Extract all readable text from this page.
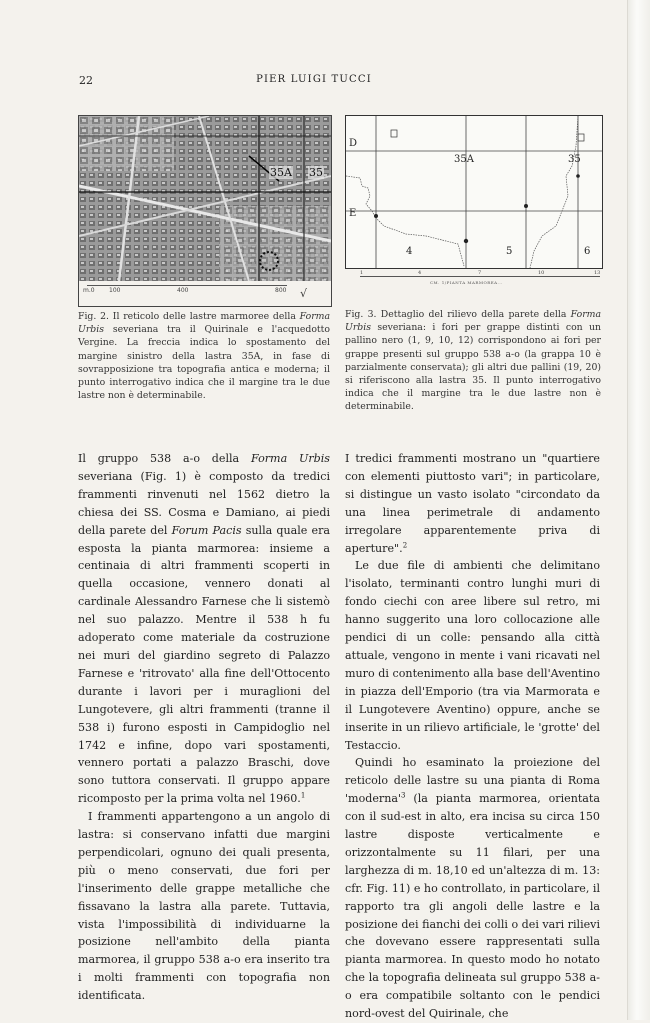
22	PIER LUIGI TUCCI
35A 35
m.0 100	400	800 √
D
35A	35
E
4	5	6
1	4	7	10	13
CM. 1/PIANTA MARMOREA...
Fig. 2. Il reticolo delle lastre marmoree della Forma Urbis severiana tra il Quirinale e l'acquedotto Vergine. La freccia indica lo spostamento del margine sinistro della lastra 35A, in fase di sovrapposizione tra topografia antica e moderna; il punto interrogativo indica che il margine tra le due lastre non è determinabile.
Fig. 3. Dettaglio del rilievo della parete della Forma Urbis severiana: i fori per grappe distinti con un pallino nero (1, 9, 10, 12) corrispondono ai fori per grappe presenti sul gruppo 538 a-o (la grappa 10 è parzialmente conservata); gli altri due pallini (19, 20) si riferiscono alla lastra 35. Il punto interrogativo indica che il margine tra le due lastre non è determinabile.

Il gruppo 538 a-o della Forma Urbis severiana (Fig. 1) è composto da tredici frammenti rinvenuti nel 1562 dietro la chiesa dei SS. Cosma e Damiano, ai piedi della parete del Forum Pacis sulla quale era esposta la pianta marmorea: insieme a centinaia di altri frammenti scoperti in quella occasione, vennero donati al cardinale Alessandro Farnese che li sistemò nel suo palazzo. Mentre il 538 h fu adoperato come materiale da costruzione nei muri del giardino segreto di Palazzo Farnese e 'ritrovato' alla fine dell'Ottocento durante i lavori per i muraglioni del Lungotevere, gli altri frammenti (tranne il 538 i) furono esposti in Campidoglio nel 1742 e infine, dopo vari spostamenti, vennero portati a palazzo Braschi, dove sono tuttora conservati. Il gruppo appare ricomposto per la prima volta nel 1960.$^1$

I frammenti appartengono a un angolo di lastra: si conservano infatti due margini perpendicolari, ognuno dei quali presenta, più o meno conservati, due fori per l'inserimento delle grappe metalliche che fissavano la lastra alla parete. Tuttavia, vista l'impossibilità di individuarne la posizione nell'ambito della pianta marmorea, il gruppo 538 a-o era inserito tra i molti frammenti con topografia non identificata.

I tredici frammenti mostrano un "quartiere con elementi piuttosto vari"; in particolare, si distingue un vasto isolato "circondato da una linea perimetrale di andamento irregolare apparentemente priva di aperture".$^2$

Le due file di ambienti che delimitano l'isolato, terminanti contro lunghi muri di fondo ciechi con aree libere sul retro, mi hanno suggerito una loro collocazione alle pendici di un colle: pensando alla città attuale, vengono in mente i vani ricavati nel muro di contenimento alla base dell'Aventino in piazza dell'Emporio (tra via Marmorata e il Lungotevere Aventino) oppure, anche se inserite in un rilievo artificiale, le 'grotte' del Testaccio.

Quindi ho esaminato la proiezione del reticolo delle lastre su una pianta di Roma '$moderna'^3$ (la pianta marmorea, orientata con il sud-est in alto, era incisa su circa 150 lastre disposte verticalmente e orizzontalmente su 11 filari, per una larghezza di m. 18,10 ed un'altezza di m. 13: cfr. Fig. 11) e ho controllato, in particolare, il rapporto tra gli angoli delle lastre e la posizione dei fianchi dei colli o dei vari rilievi che dovevano essere rappresentati sulla pianta marmorea. In questo modo ho notato che la topografia delineata sul gruppo 538 a-o era compatibile soltanto con le pendici nord-ovest del Quirinale, che
